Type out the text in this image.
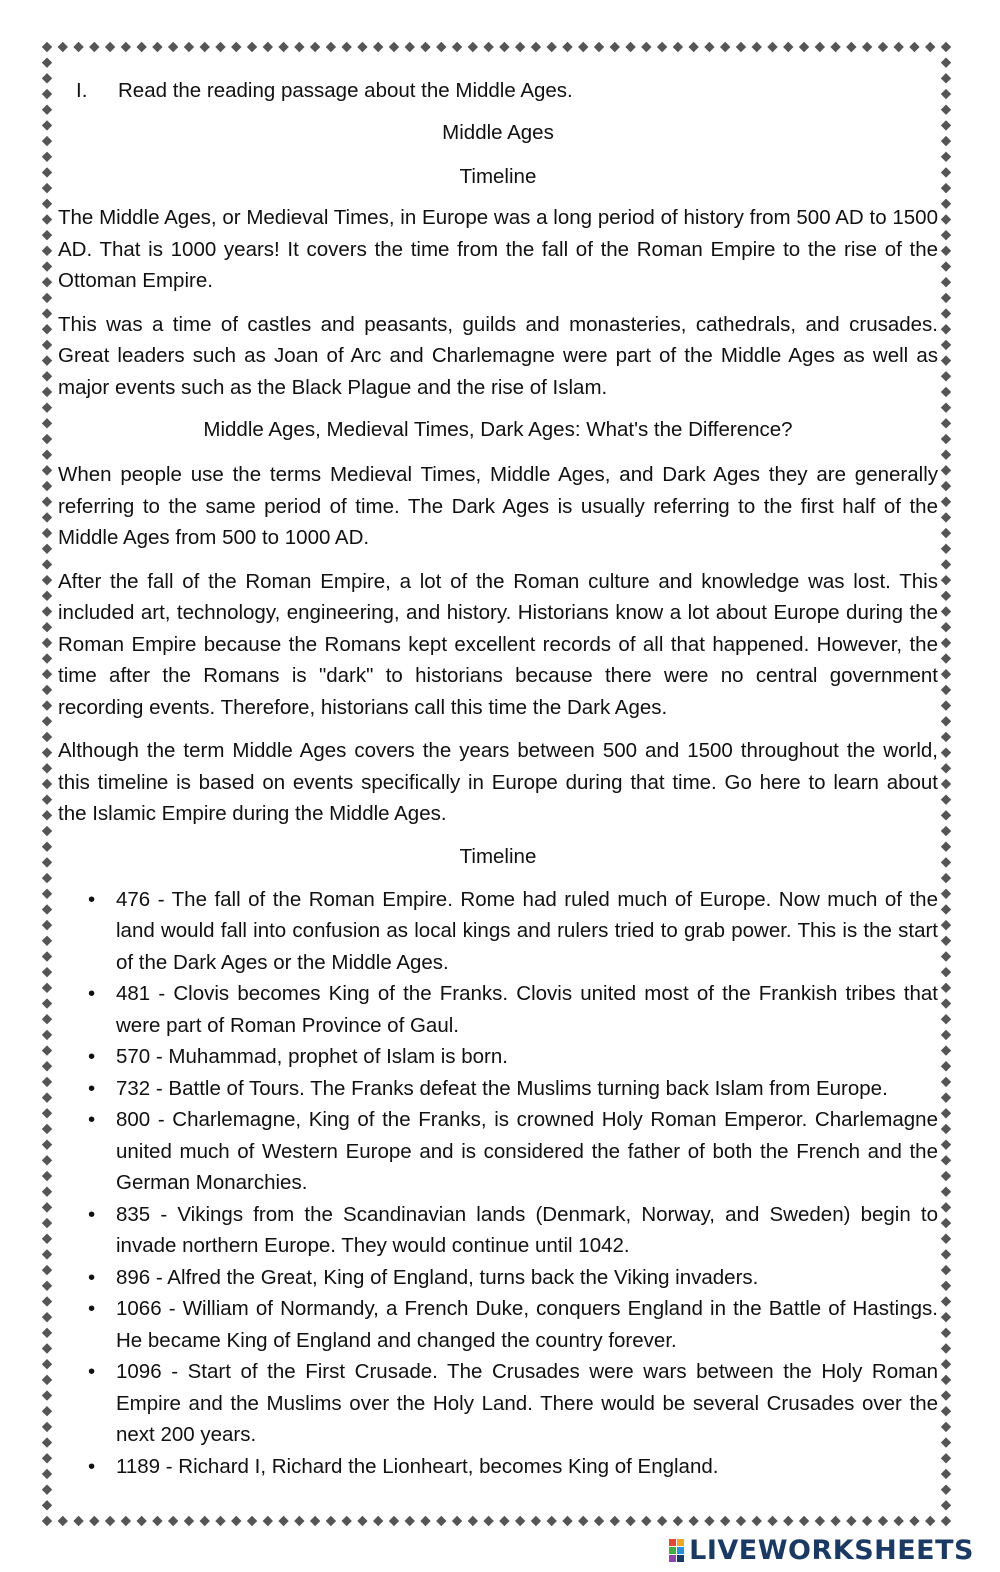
I.	Read the reading passage about the Middle Ages.
Middle Ages
Timeline

The Middle Ages, or Medieval Times, in Europe was a long period of history from 500 AD to 1500 AD. That is 1000 years! It covers the time from the fall of the Roman Empire to the rise of the Ottoman Empire.

This was a time of castles and peasants, guilds and monasteries, cathedrals, and crusades. Great leaders such as Joan of Arc and Charlemagne were part of the Middle Ages as well as major events such as the Black Plague and the rise of Islam.

Middle Ages, Medieval Times, Dark Ages: What's the Difference?

When people use the terms Medieval Times, Middle Ages, and Dark Ages they are generally referring to the same period of time. The Dark Ages is usually referring to the first half of the Middle Ages from 500 to 1000 AD.

After the fall of the Roman Empire, a lot of the Roman culture and knowledge was lost. This included art, technology, engineering, and history. Historians know a lot about Europe during the Roman Empire because the Romans kept excellent records of all that happened. However, the time after the Romans is "dark" to historians because there were no central government recording events. Therefore, historians call this time the Dark Ages.

Although the term Middle Ages covers the years between 500 and 1500 throughout the world, this timeline is based on events specifically in Europe during that time. Go here to learn about the Islamic Empire during the Middle Ages.

Timeline
• 476 - The fall of the Roman Empire. Rome had ruled much of Europe. Now much of the land would fall into confusion as local kings and rulers tried to grab power. This is the start of the Dark Ages or the Middle Ages.
• 481 - Clovis becomes King of the Franks. Clovis united most of the Frankish tribes that were part of Roman Province of Gaul.
• 570 - Muhammad, prophet of Islam is born.
• 732 - Battle of Tours. The Franks defeat the Muslims turning back Islam from Europe.
• 800 - Charlemagne, King of the Franks, is crowned Holy Roman Emperor. Charlemagne united much of Western Europe and is considered the father of both the French and the German Monarchies.
• 835 - Vikings from the Scandinavian lands (Denmark, Norway, and Sweden) begin to invade northern Europe. They would continue until 1042.
• 896 - Alfred the Great, King of England, turns back the Viking invaders.
• 1066 - William of Normandy, a French Duke, conquers England in the Battle of Hastings. He became King of England and changed the country forever.
• 1096 - Start of the First Crusade. The Crusades were wars between the Holy Roman Empire and the Muslims over the Holy Land. There would be several Crusades over the next 200 years.
• 1189 - Richard I, Richard the Lionheart, becomes King of England.
LIVEWORKSHEETS
